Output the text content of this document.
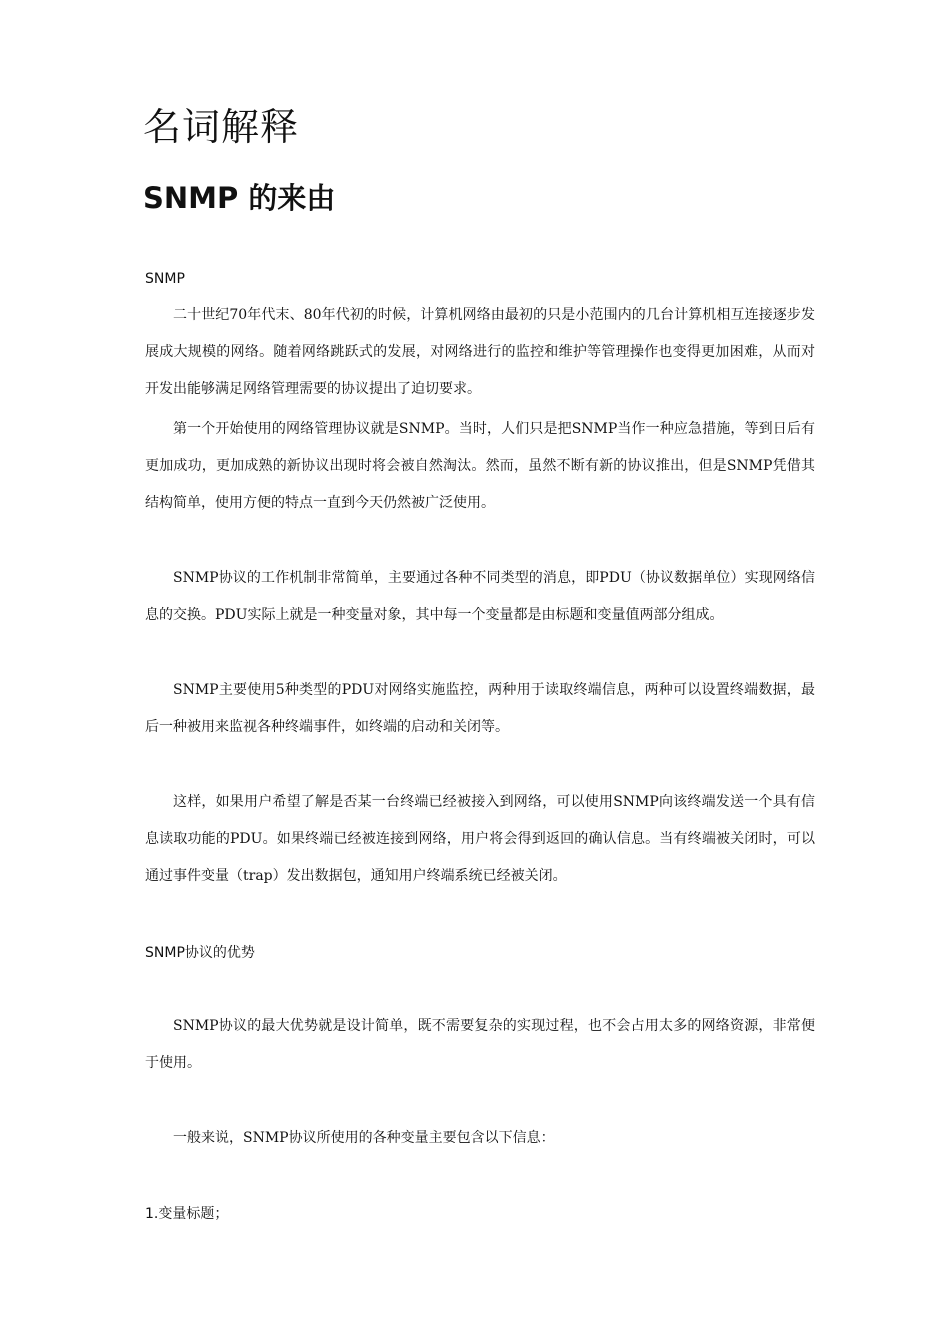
名词解释
SNMP 的来由
SNMP

二十世纪70年代末、80年代初的时候，计算机网络由最初的只是小范围内的几台计算机相互连接逐步发展成大规模的网络。随着网络跳跃式的发展，对网络进行的监控和维护等管理操作也变得更加困难，从而对开发出能够满足网络管理需要的协议提出了迫切要求。

第一个开始使用的网络管理协议就是SNMP。当时，人们只是把SNMP当作一种应急措施，等到日后有更加成功，更加成熟的新协议出现时将会被自然淘汰。然而，虽然不断有新的协议推出，但是SNMP凭借其结构简单，使用方便的特点一直到今天仍然被广泛使用。

SNMP协议的工作机制非常简单，主要通过各种不同类型的消息，即PDU（协议数据单位）实现网络信息的交换。PDU实际上就是一种变量对象，其中每一个变量都是由标题和变量值两部分组成。

SNMP主要使用5种类型的PDU对网络实施监控，两种用于读取终端信息，两种可以设置终端数据，最后一种被用来监视各种终端事件，如终端的启动和关闭等。

这样，如果用户希望了解是否某一台终端已经被接入到网络，可以使用SNMP向该终端发送一个具有信息读取功能的PDU。如果终端已经被连接到网络，用户将会得到返回的确认信息。当有终端被关闭时，可以通过事件变量（trap）发出数据包，通知用户终端系统已经被关闭。

SNMP协议的优势

SNMP协议的最大优势就是设计简单，既不需要复杂的实现过程，也不会占用太多的网络资源，非常便于使用。

一般来说，SNMP协议所使用的各种变量主要包含以下信息：

1.变量标题；
